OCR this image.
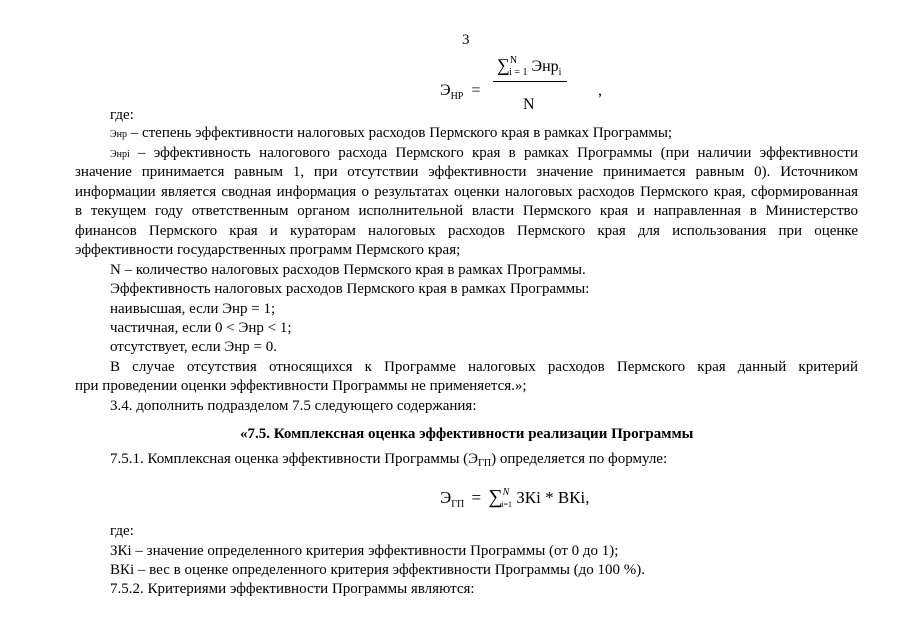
3
$Э_{НР}$ =
∑$^N_{i = 1}$ Энр$_i$
N
,
где:
Энр – степень эффективности налоговых расходов Пермского края в рамках Программы;
Энрi – эффективность налогового расхода Пермского края в рамках Программы (при наличии эффективности
значение принимается равным 1, при отсутствии эффективности значение принимается равным 0). Источником
информации является сводная информация о результатах оценки налоговых расходов Пермского края, сформированная
в текущем году ответственным органом исполнительной власти Пермского края и направленная в Министерство
финансов Пермского края и кураторам налоговых расходов Пермского края для использования при оценке
эффективности государственных программ Пермского края;
N – количество налоговых расходов Пермского края в рамках Программы.
Эффективность налоговых расходов Пермского края в рамках Программы:
наивысшая, если Энр = 1;
частичная, если 0 < Энр < 1;
отсутствует, если Энр = 0.
В случае отсутствия относящихся к Программе налоговых расходов Пермского края данный критерий
при проведении оценки эффективности Программы не применяется.»;
3.4. дополнить подразделом 7.5 следующего содержания:
«7.5. Комплексная оценка эффективности реализации Программы
7.5.1. Комплексная оценка эффективности Программы $(Э_{ГП})$ определяется по формуле:
$Э_{ГП} = \sum^N_{i=1}$ ЗКi * ВКi,
где:
ЗКi – значение определенного критерия эффективности Программы (от 0 до 1);
ВКi – вес в оценке определенного критерия эффективности Программы (до 100 %).
7.5.2. Критериями эффективности Программы являются:
